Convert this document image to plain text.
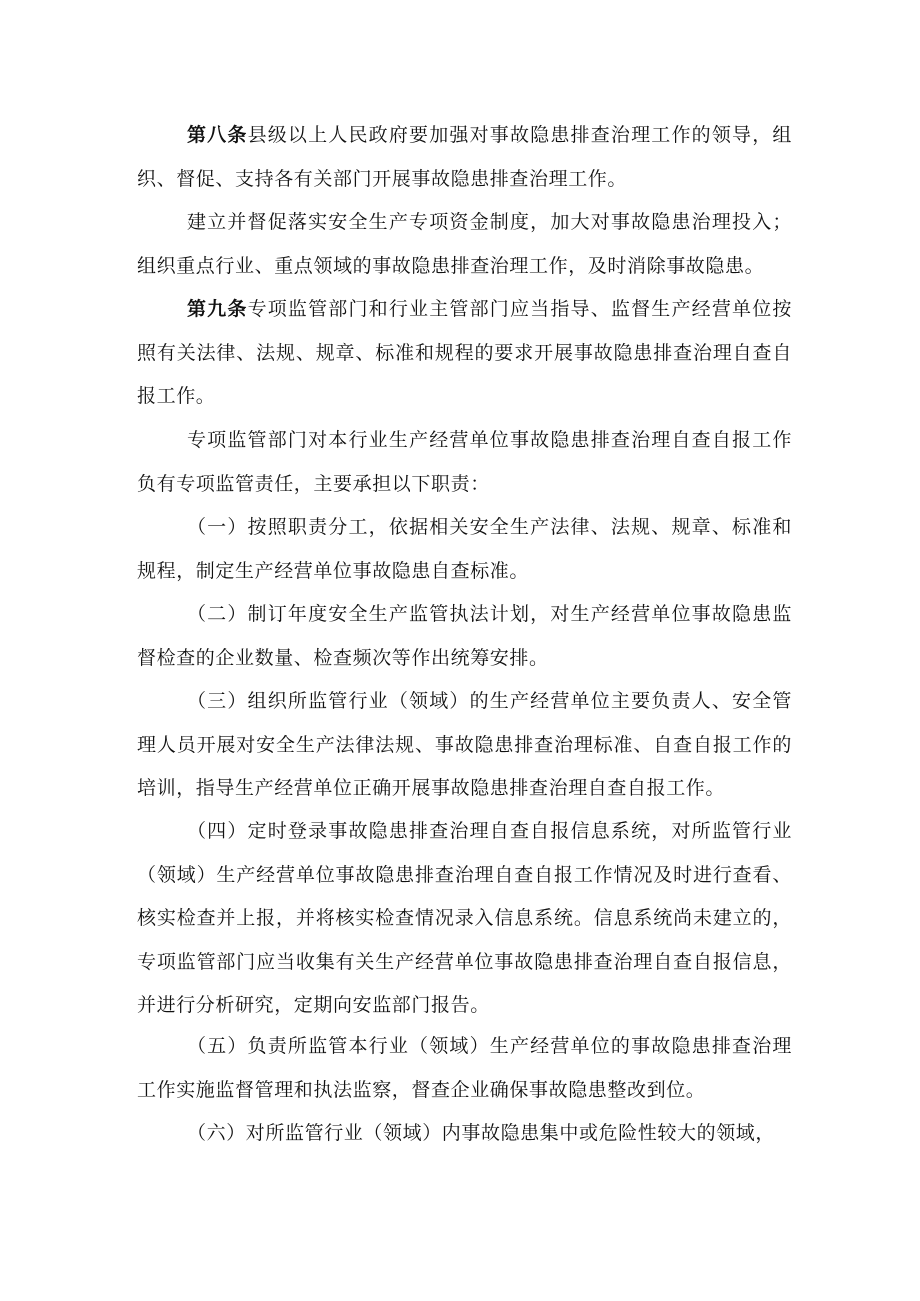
第八条县级以上人民政府要加强对事故隐患排查治理工作的领导，组织、督促、支持各有关部门开展事故隐患排查治理工作。

建立并督促落实安全生产专项资金制度，加大对事故隐患治理投入；组织重点行业、重点领域的事故隐患排查治理工作，及时消除事故隐患。

第九条专项监管部门和行业主管部门应当指导、监督生产经营单位按照有关法律、法规、规章、标准和规程的要求开展事故隐患排查治理自查自报工作。

专项监管部门对本行业生产经营单位事故隐患排查治理自查自报工作负有专项监管责任，主要承担以下职责：

（一）按照职责分工，依据相关安全生产法律、法规、规章、标准和规程，制定生产经营单位事故隐患自查标准。

（二）制订年度安全生产监管执法计划，对生产经营单位事故隐患监督检查的企业数量、检查频次等作出统筹安排。

（三）组织所监管行业（领域）的生产经营单位主要负责人、安全管理人员开展对安全生产法律法规、事故隐患排查治理标准、自查自报工作的培训，指导生产经营单位正确开展事故隐患排查治理自查自报工作。

（四）定时登录事故隐患排查治理自查自报信息系统，对所监管行业（领域）生产经营单位事故隐患排查治理自查自报工作情况及时进行查看、核实检查并上报，并将核实检查情况录入信息系统。信息系统尚未建立的，专项监管部门应当收集有关生产经营单位事故隐患排查治理自查自报信息，并进行分析研究，定期向安监部门报告。

（五）负责所监管本行业（领域）生产经营单位的事故隐患排查治理工作实施监督管理和执法监察，督查企业确保事故隐患整改到位。

（六）对所监管行业（领域）内事故隐患集中或危险性较大的领域，
